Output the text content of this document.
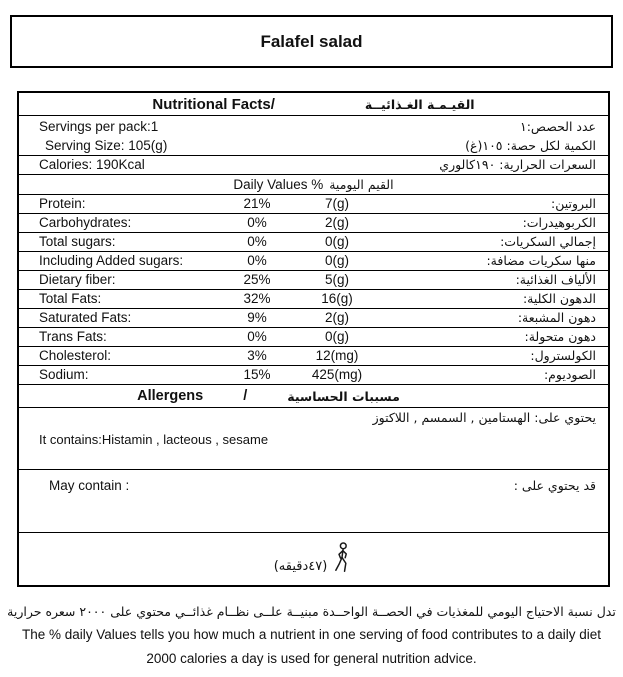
Falafel salad
Nutritional Facts/	القيـمـة الغـذائيــة
Servings per pack:1	عدد الحصص:١
Serving Size: 105(g)	الكمية لكل حصة: ١٠٥(غ)
Calories: 190Kcal	السعرات الحرارية: ١٩٠كالوري
Daily Values % القيم اليومية
Protein:	21%	7(g)	البروتين:
Carbohydrates:	0%	2(g)	الكربوهيدرات:
Total sugars:	0%	0(g)	إجمالي السكريات:
Including Added sugars:	0%	0(g)	منها سكريات مضافة:
Dietary fiber:	25%	5(g)	الألياف الغذائية:
Total Fats:	32%	16(g)	الدهون الكلية:
Saturated Fats:	9%	2(g)	دهون المشبعة:
Trans Fats:	0%	0(g)	دهون متحولة:
Cholesterol:	3%	12(mg)	الكولسترول:
Sodium:	15%	425(mg)	الصوديوم:
Allergens	/	مسببات الحساسية
يحتوي على: الهستامين , السمسم , اللاكتوز
It contains:Histamin , lacteous , sesame
May contain :	قد يحتوي على :
(٤٧دقيقه)
تدل نسبة الاحتياج اليومي للمغذيات في الحصــة الواحــدة مبنيــة علــى نظــام غذائــي محتوي على ٢٠٠٠ سعره حرارية
The % daily Values tells you how much a nutrient in one serving of food contributes to a daily diet
2000 calories a day is used for general nutrition advice.
